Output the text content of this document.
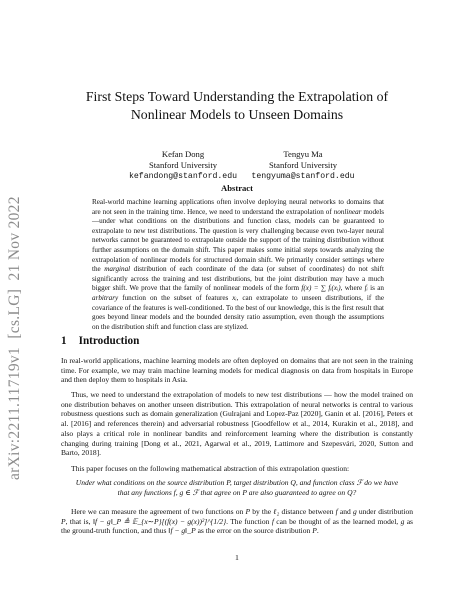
arXiv:2211.11719v1  [cs.LG]  21 Nov 2022
First Steps Toward Understanding the Extrapolation of Nonlinear Models to Unseen Domains
Kefan Dong
Stanford University
kefandong@stanford.edu
Tengyu Ma
Stanford University
tengyuma@stanford.edu
Abstract

Real-world machine learning applications often involve deploying neural networks to domains that are not seen in the training time. Hence, we need to understand the extrapolation of nonlinear models—under what conditions on the distributions and function class, models can be guaranteed to extrapolate to new test distributions. The question is very challenging because even two-layer neural networks cannot be guaranteed to extrapolate outside the support of the training distribution without further assumptions on the domain shift. This paper makes some initial steps towards analyzing the extrapolation of nonlinear models for structured domain shift. We primarily consider settings where the marginal distribution of each coordinate of the data (or subset of coordinates) do not shift significantly across the training and test distributions, but the joint distribution may have a much bigger shift. We prove that the family of nonlinear models of the form f(x) = ∑ fᵢ(xᵢ), where fᵢ is an arbitrary function on the subset of features xᵢ, can extrapolate to unseen distributions, if the covariance of the features is well-conditioned. To the best of our knowledge, this is the first result that goes beyond linear models and the bounded density ratio assumption, even though the assumptions on the distribution shift and function class are stylized.

1 Introduction

In real-world applications, machine learning models are often deployed on domains that are not seen in the training time. For example, we may train machine learning models for medical diagnosis on data from hospitals in Europe and then deploy them to hospitals in Asia.

Thus, we need to understand the extrapolation of models to new test distributions — how the model trained on one distribution behaves on another unseen distribution. This extrapolation of neural networks is central to various robustness questions such as domain generalization (Gulrajani and Lopez-Paz [2020], Ganin et al. [2016], Peters et al. [2016] and references therein) and adversarial robustness [Goodfellow et al., 2014, Kurakin et al., 2018], and also plays a critical role in nonlinear bandits and reinforcement learning where the distribution is constantly changing during training [Dong et al., 2021, Agarwal et al., 2019, Lattimore and Szepesvári, 2020, Sutton and Barto, 2018].

This paper focuses on the following mathematical abstraction of this extrapolation question:

Under what conditions on the source distribution P, target distribution Q, and function class ℱ do we have that any functions f, g ∈ ℱ that agree on P are also guaranteed to agree on Q?

Here we can measure the agreement of two functions on P by the ℓ₂ distance between f and g under distribution P, that is, ‖f − g‖_P ≜ 𝔼_{x∼P}[(f(x) − g(x))²]^{1/2}. The function f can be thought of as the learned model, g as the ground-truth function, and thus ‖f − g‖_P as the error on the source distribution P.

1
